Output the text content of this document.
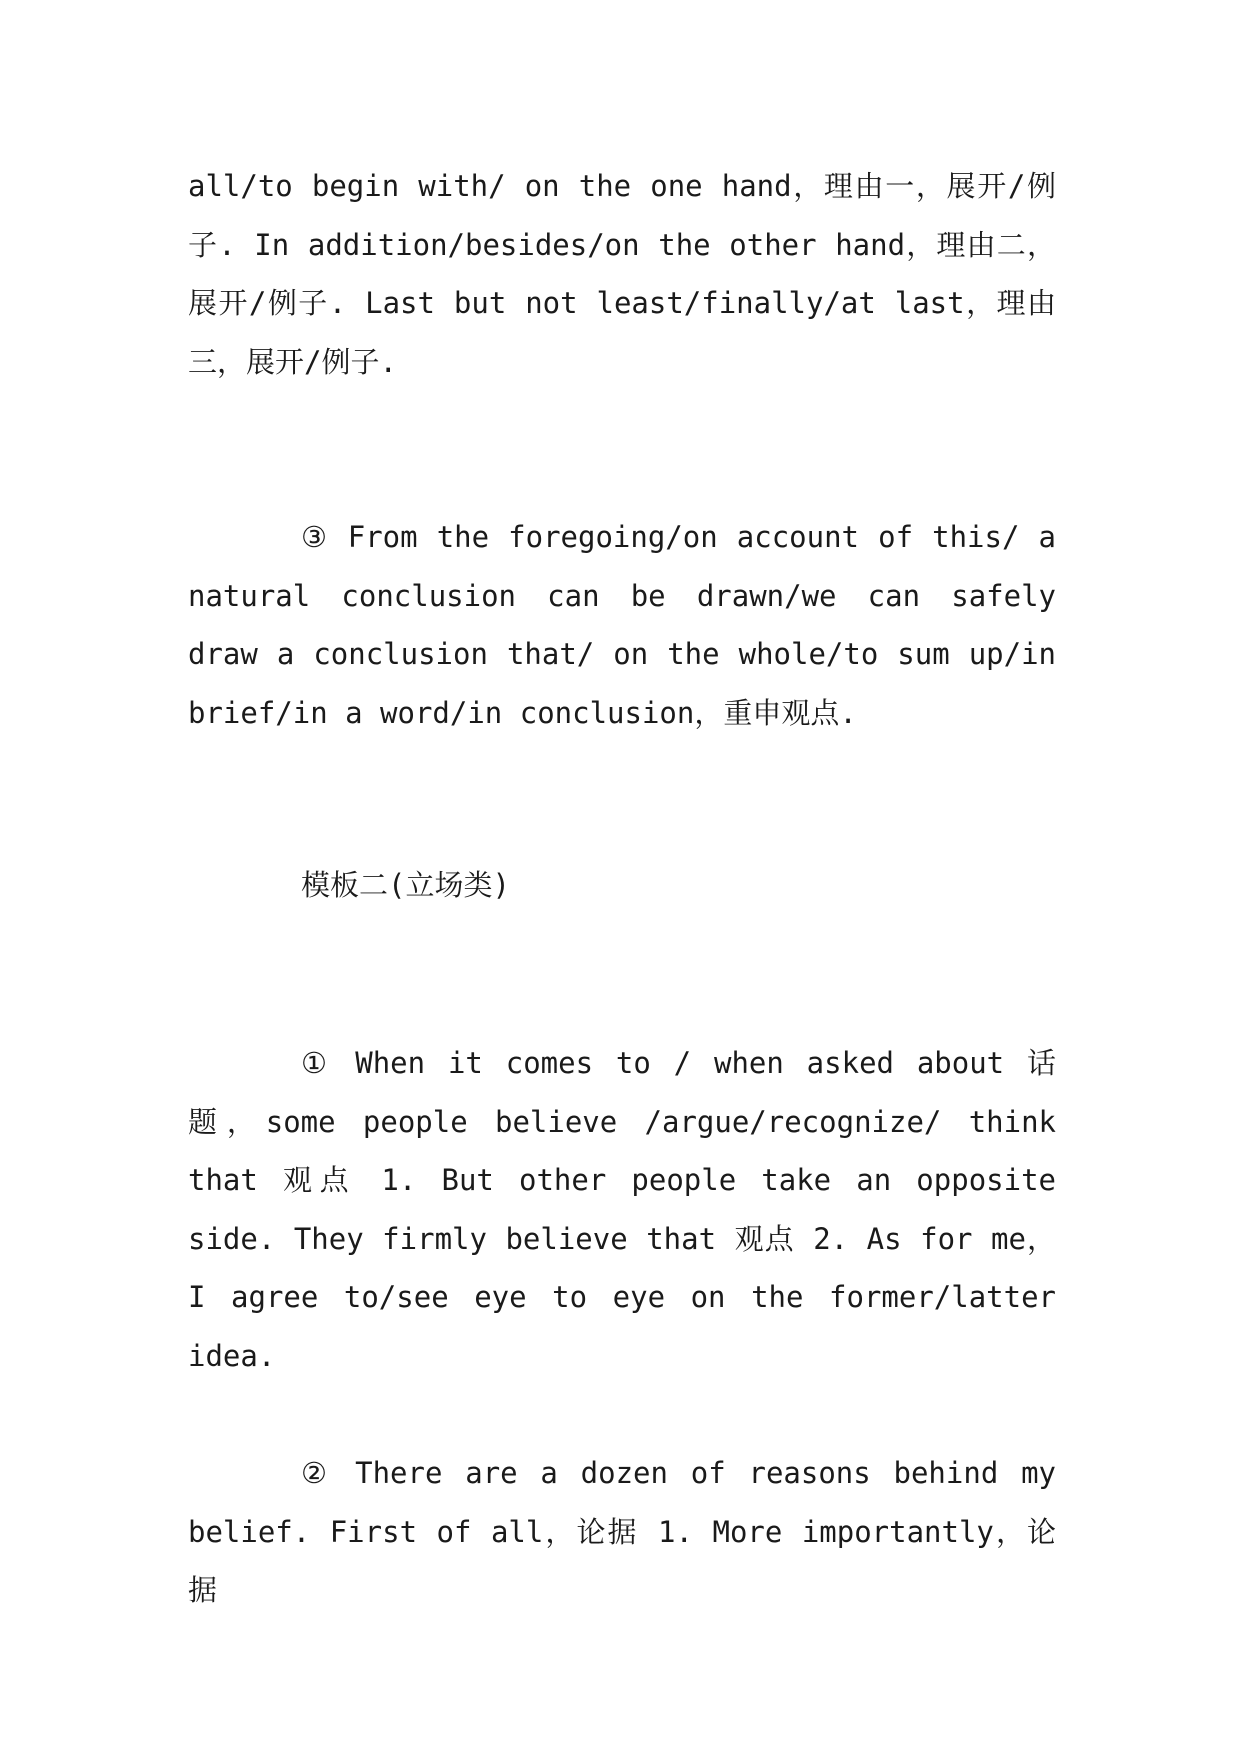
all/to begin with/ on the one hand，理由一，展开/例子. In addition/besides/on the other hand，理由二，展开/例子. Last but not least/finally/at last，理由三，展开/例子.

③ From the foregoing/on account of this/ a natural conclusion can be drawn/we can safely draw a conclusion that/ on the whole/to sum up/in brief/in a word/in conclusion，重申观点.

模板二(立场类)

① When it comes to / when asked about 话题，some people believe /argue/recognize/ think that 观点 1. But other people take an opposite side. They firmly believe that 观点 2. As for me，I agree to/see eye to eye on the former/latter idea.

② There are a dozen of reasons behind my belief. First of all，论据 1. More importantly，论据
